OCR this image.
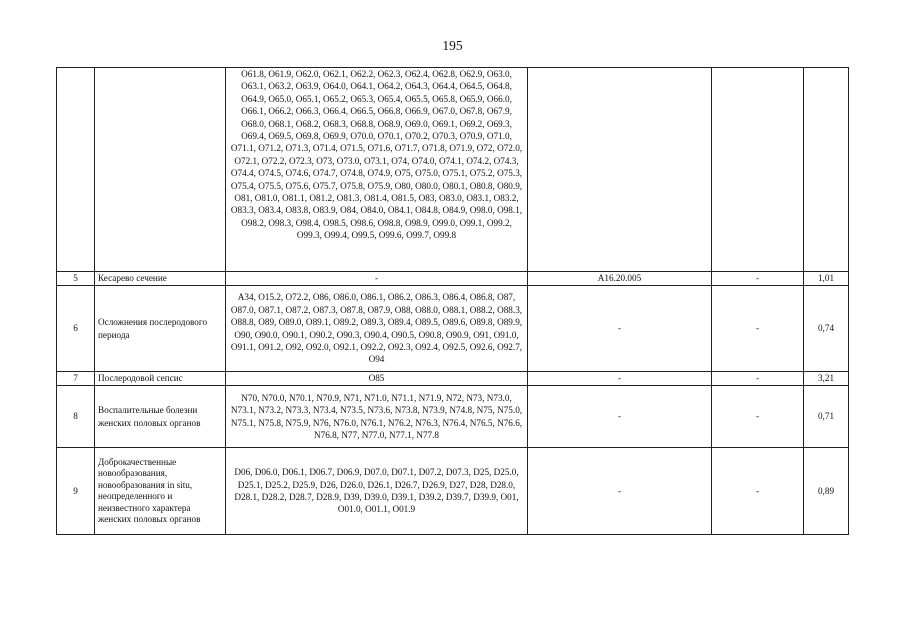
195
		O61.8, O61.9, O62.0, O62.1, O62.2, O62.3, O62.4, O62.8, O62.9, O63.0, O63.1, O63.2, O63.9, O64.0, O64.1, O64.2, O64.3, O64.4, O64.5, O64.8, O64.9, O65.0, O65.1, O65.2, O65.3, O65.4, O65.5, O65.8, O65.9, O66.0, O66.1, O66.2, O66.3, O66.4, O66.5, O66.8, O66.9, O67.0, O67.8, O67.9, O68.0, O68.1, O68.2, O68.3, O68.8, O68.9, O69.0, O69.1, O69.2, O69.3, O69.4, O69.5, O69.8, O69.9, O70.0, O70.1, O70.2, O70.3, O70.9, O71.0, O71.1, O71.2, O71.3, O71.4, O71.5, O71.6, O71.7, O71.8, O71.9, O72, O72.0, O72.1, O72.2, O72.3, O73, O73.0, O73.1, O74, O74.0, O74.1, O74.2, O74.3, O74.4, O74.5, O74.6, O74.7, O74.8, O74.9, O75, O75.0, O75.1, O75.2, O75.3, O75.4, O75.5, O75.6, O75.7, O75.8, O75.9, O80, O80.0, O80.1, O80.8, O80.9, O81, O81.0, O81.1, O81.2, O81.3, O81.4, O81.5, O83, O83.0, O83.1, O83.2, O83.3, O83.4, O83.8, O83.9, O84, O84.0, O84.1, O84.8, O84.9, O98.0, O98.1, O98.2, O98.3, O98.4, O98.5, O98.6, O98.8, O98.9, O99.0, O99.1, O99.2, O99.3, O99.4, O99.5, O99.6, O99.7, O99.8			
5	Кесарево сечение	-	A16.20.005	-	1,01
6	Осложнения послеродового периода	A34, O15.2, O72.2, O86, O86.0, O86.1, O86.2, O86.3, O86.4, O86.8, O87, O87.0, O87.1, O87.2, O87.3, O87.8, O87.9, O88, O88.0, O88.1, O88.2, O88.3, O88.8, O89, O89.0, O89.1, O89.2, O89.3, O89.4, O89.5, O89.6, O89.8, O89.9, O90, O90.0, O90.1, O90.2, O90.3, O90.4, O90.5, O90.8, O90.9, O91, O91.0, O91.1, O91.2, O92, O92.0, O92.1, O92.2, O92.3, O92.4, O92.5, O92.6, O92.7, O94	-	-	0,74
7	Послеродовой сепсис	O85	-	-	3,21
8	Воспалительные болезни женских половых органов	N70, N70.0, N70.1, N70.9, N71, N71.0, N71.1, N71.9, N72, N73, N73.0, N73.1, N73.2, N73.3, N73.4, N73.5, N73.6, N73.8, N73.9, N74.8, N75, N75.0, N75.1, N75.8, N75.9, N76, N76.0, N76.1, N76.2, N76.3, N76.4, N76.5, N76.6, N76.8, N77, N77.0, N77.1, N77.8	-	-	0,71
9	Доброкачественные новообразования, новообразования in situ, неопределенного и неизвестного характера женских половых органов	D06, D06.0, D06.1, D06.7, D06.9, D07.0, D07.1, D07.2, D07.3, D25, D25.0, D25.1, D25.2, D25.9, D26, D26.0, D26.1, D26.7, D26.9, D27, D28, D28.0, D28.1, D28.2, D28.7, D28.9, D39, D39.0, D39.1, D39.2, D39.7, D39.9, O01, O01.0, O01.1, O01.9	-	-	0,89
